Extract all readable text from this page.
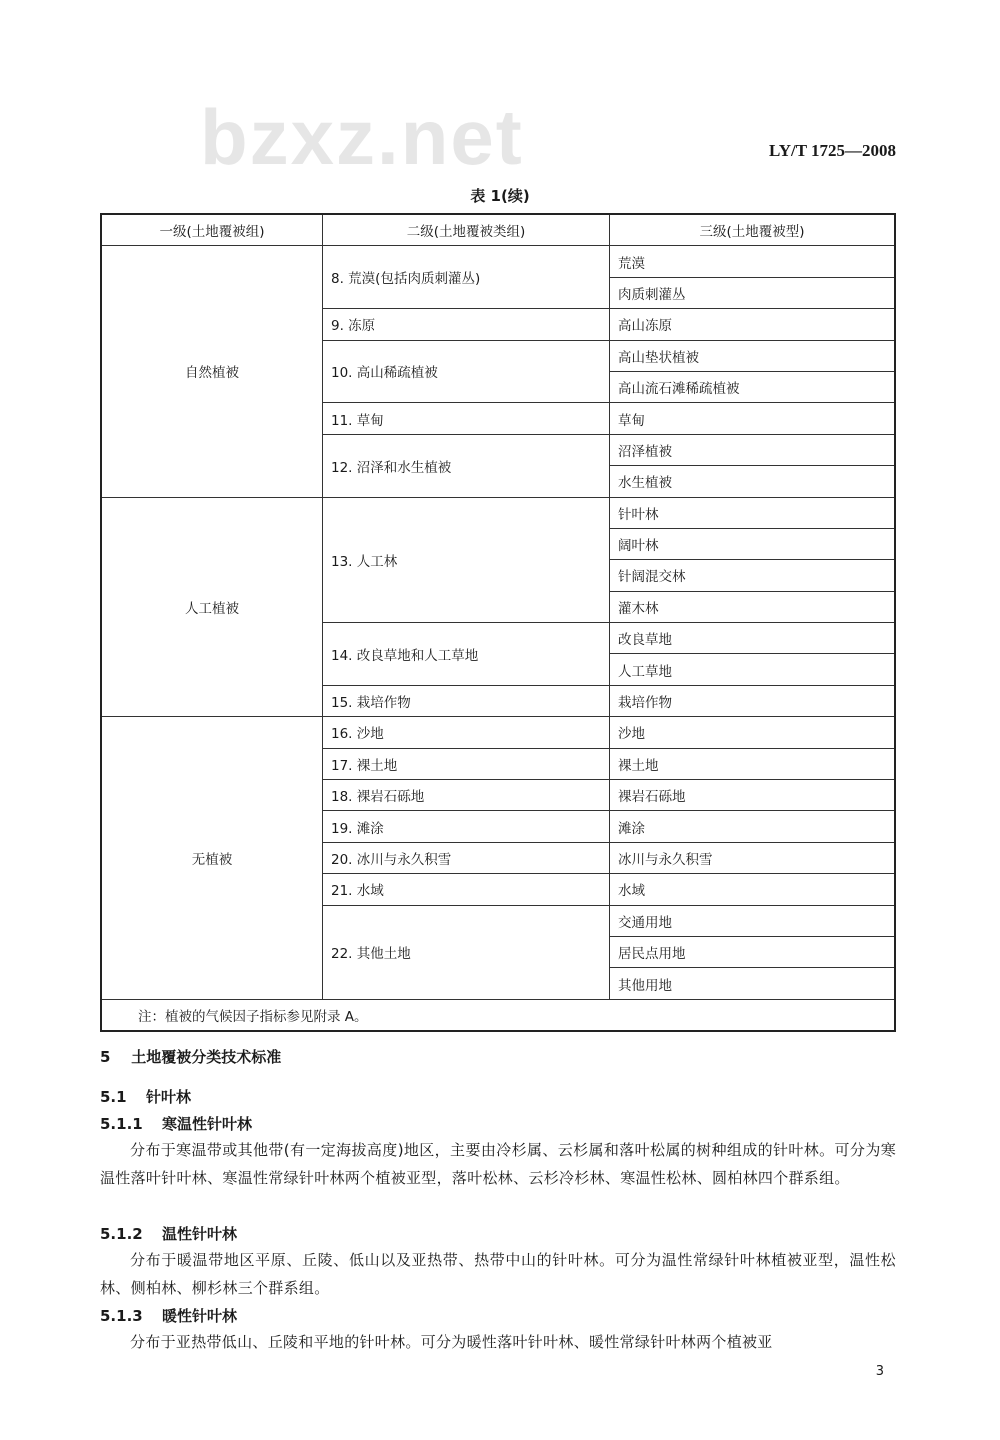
bzxz.net	LY/T 1725—2008
表 1(续)
一级(土地覆被组)	二级(土地覆被类组)	三级(土地覆被型)
自然植被	8. 荒漠(包括肉质刺灌丛)	荒漠
		肉质刺灌丛
	9. 冻原	高山冻原
	10. 高山稀疏植被	高山垫状植被
		高山流石滩稀疏植被
	11. 草甸	草甸
	12. 沼泽和水生植被	沼泽植被
		水生植被
人工植被	13. 人工林	针叶林
		阔叶林
		针阔混交林
		灌木林
	14. 改良草地和人工草地	改良草地
		人工草地
	15. 栽培作物	栽培作物
无植被	16. 沙地	沙地
	17. 裸土地	裸土地
	18. 裸岩石砾地	裸岩石砾地
	19. 滩涂	滩涂
	20. 冰川与永久积雪	冰川与永久积雪
	21. 水域	水域
	22. 其他土地	交通用地
		居民点用地
		其他用地
注：植被的气候因子指标参见附录 A。		
5 土地覆被分类技术标准
5.1 针叶林
5.1.1 寒温性针叶林
分布于寒温带或其他带(有一定海拔高度)地区，主要由冷杉属、云杉属和落叶松属的树种组成的针叶林。可分为寒温性落叶针叶林、寒温性常绿针叶林两个植被亚型，落叶松林、云杉冷杉林、寒温性松林、圆柏林四个群系组。
5.1.2 温性针叶林
分布于暖温带地区平原、丘陵、低山以及亚热带、热带中山的针叶林。可分为温性常绿针叶林植被亚型，温性松林、侧柏林、柳杉林三个群系组。
5.1.3 暖性针叶林
分布于亚热带低山、丘陵和平地的针叶林。可分为暖性落叶针叶林、暖性常绿针叶林两个植被亚
3
